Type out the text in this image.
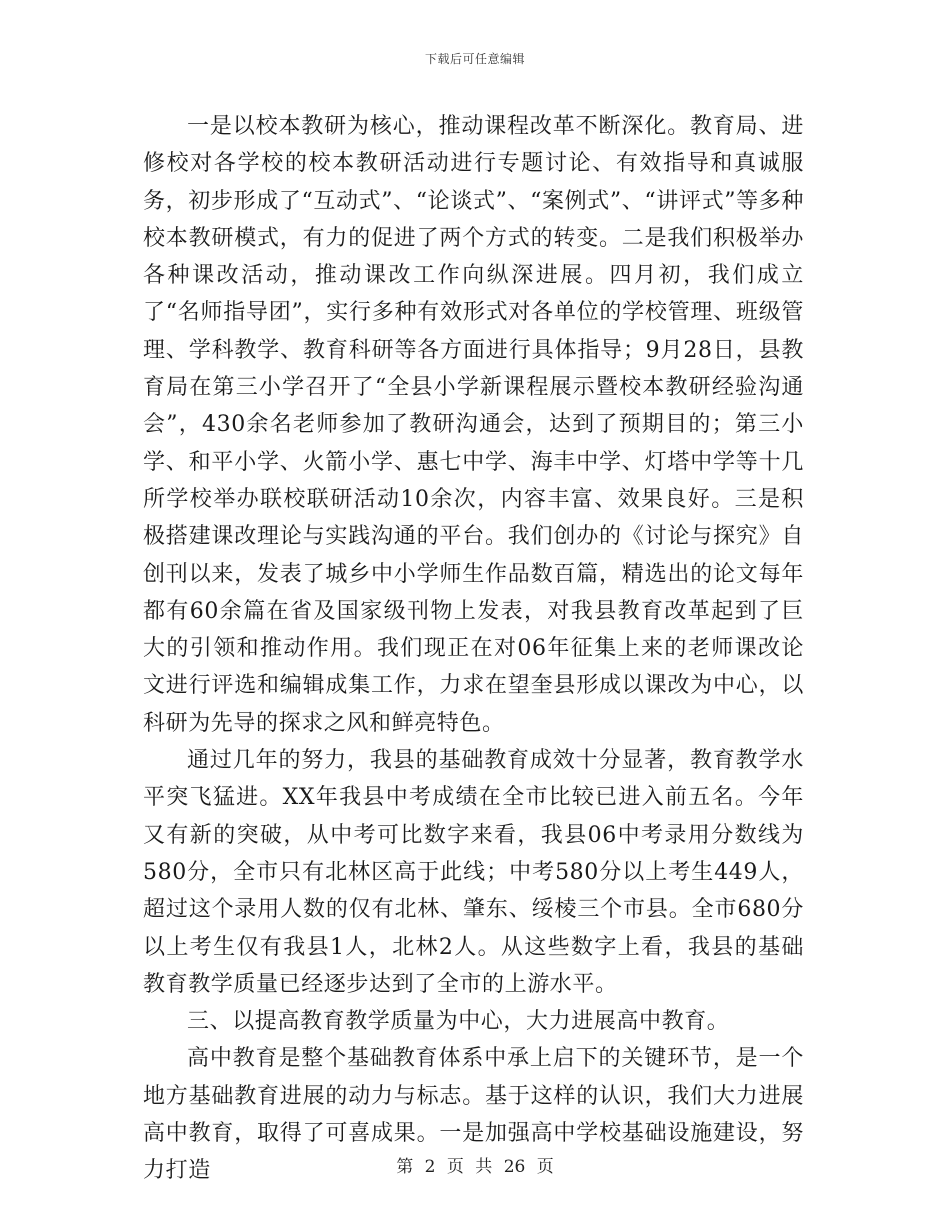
下载后可任意编辑

一是以校本教研为核心，推动课程改革不断深化。教育局、进修校对各学校的校本教研活动进行专题讨论、有效指导和真诚服务，初步形成了“互动式”、“论谈式”、“案例式”、“讲评式”等多种校本教研模式，有力的促进了两个方式的转变。二是我们积极举办各种课改活动，推动课改工作向纵深进展。四月初，我们成立了“名师指导团”，实行多种有效形式对各单位的学校管理、班级管理、学科教学、教育科研等各方面进行具体指导；9月28日，县教育局在第三小学召开了“全县小学新课程展示暨校本教研经验沟通会”，430余名老师参加了教研沟通会，达到了预期目的；第三小学、和平小学、火箭小学、惠七中学、海丰中学、灯塔中学等十几所学校举办联校联研活动10余次，内容丰富、效果良好。三是积极搭建课改理论与实践沟通的平台。我们创办的《讨论与探究》自创刊以来，发表了城乡中小学师生作品数百篇，精选出的论文每年都有60余篇在省及国家级刊物上发表，对我县教育改革起到了巨大的引领和推动作用。我们现正在对06年征集上来的老师课改论文进行评选和编辑成集工作，力求在望奎县形成以课改为中心，以科研为先导的探求之风和鲜亮特色。

通过几年的努力，我县的基础教育成效十分显著，教育教学水平突飞猛进。XX年我县中考成绩在全市比较已进入前五名。今年又有新的突破，从中考可比数字来看，我县06中考录用分数线为580分，全市只有北林区高于此线；中考580分以上考生449人，超过这个录用人数的仅有北林、肇东、绥棱三个市县。全市680分以上考生仅有我县1人，北林2人。从这些数字上看，我县的基础教育教学质量已经逐步达到了全市的上游水平。

三、以提高教育教学质量为中心，大力进展高中教育。

高中教育是整个基础教育体系中承上启下的关键环节，是一个地方基础教育进展的动力与标志。基于这样的认识，我们大力进展高中教育，取得了可喜成果。一是加强高中学校基础设施建设，努力打造	第 2 页 共 26 页
